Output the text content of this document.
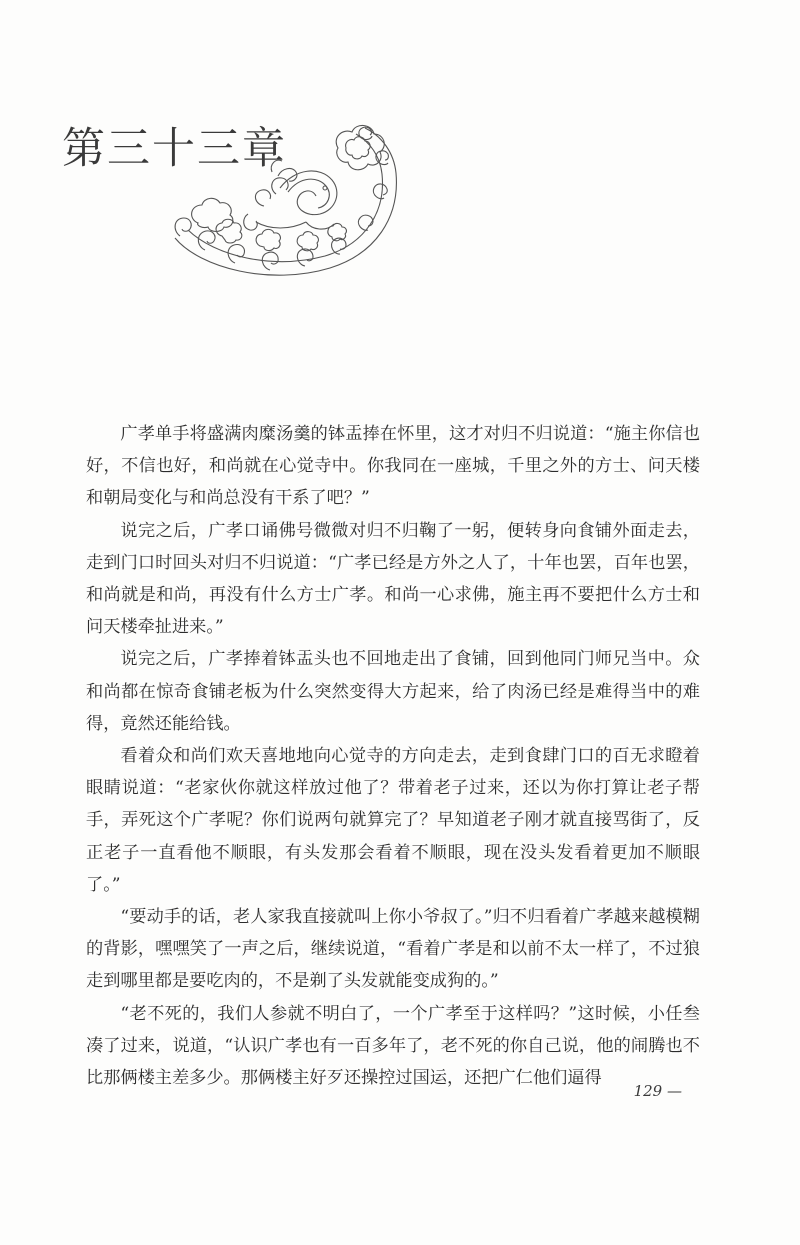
第三十三章

广孝单手将盛满肉糜汤羹的钵盂捧在怀里，这才对归不归说道：“施主你信也好，不信也好，和尚就在心觉寺中。你我同在一座城，千里之外的方士、问天楼和朝局变化与和尚总没有干系了吧？”

说完之后，广孝口诵佛号微微对归不归鞠了一躬，便转身向食铺外面走去，走到门口时回头对归不归说道：“广孝已经是方外之人了，十年也罢，百年也罢，和尚就是和尚，再没有什么方士广孝。和尚一心求佛，施主再不要把什么方士和问天楼牵扯进来。”

说完之后，广孝捧着钵盂头也不回地走出了食铺，回到他同门师兄当中。众和尚都在惊奇食铺老板为什么突然变得大方起来，给了肉汤已经是难得当中的难得，竟然还能给钱。

看着众和尚们欢天喜地地向心觉寺的方向走去，走到食肆门口的百无求瞪着眼睛说道：“老家伙你就这样放过他了？带着老子过来，还以为你打算让老子帮手，弄死这个广孝呢？你们说两句就算完了？早知道老子刚才就直接骂街了，反正老子一直看他不顺眼，有头发那会看着不顺眼，现在没头发看着更加不顺眼了。”

“要动手的话，老人家我直接就叫上你小爷叔了。”归不归看着广孝越来越模糊的背影，嘿嘿笑了一声之后，继续说道，“看着广孝是和以前不太一样了，不过狼走到哪里都是要吃肉的，不是剃了头发就能变成狗的。”

“老不死的，我们人参就不明白了，一个广孝至于这样吗？”这时候，小任叁凑了过来，说道，“认识广孝也有一百多年了，老不死的你自己说，他的闹腾也不比那俩楼主差多少。那俩楼主好歹还操控过国运，还把广仁他们逼得

129 —
